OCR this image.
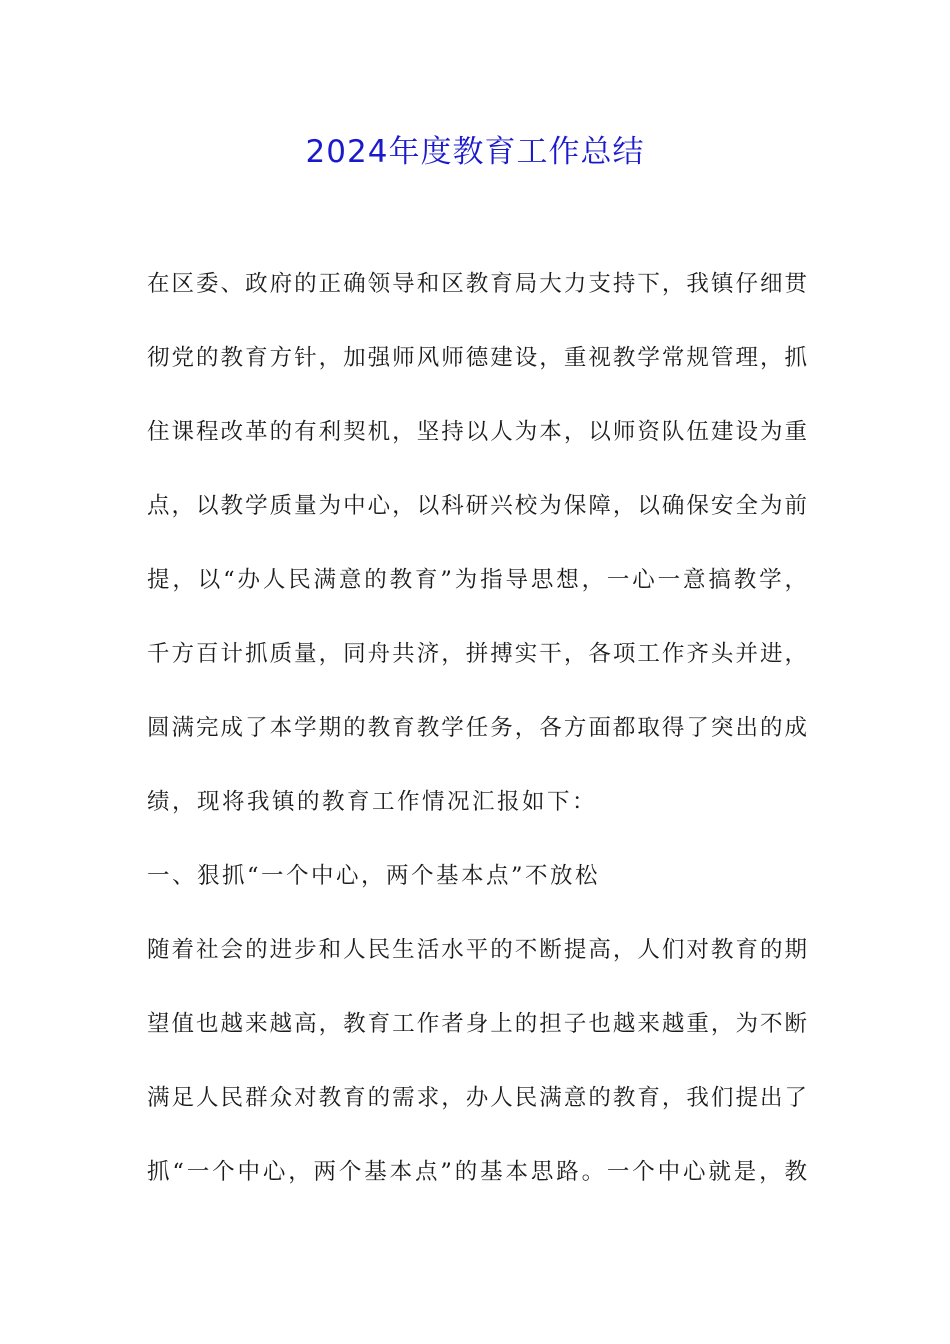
2024年度教育工作总结
在区委、政府的正确领导和区教育局大力支持下，我镇仔细贯
彻党的教育方针，加强师风师德建设，重视教学常规管理，抓
住课程改革的有利契机，坚持以人为本，以师资队伍建设为重
点，以教学质量为中心，以科研兴校为保障，以确保安全为前
提，以“办人民满意的教育”为指导思想，一心一意搞教学，
千方百计抓质量，同舟共济，拼搏实干，各项工作齐头并进，
圆满完成了本学期的教育教学任务，各方面都取得了突出的成
绩，现将我镇的教育工作情况汇报如下：
一、狠抓“一个中心，两个基本点”不放松
随着社会的进步和人民生活水平的不断提高，人们对教育的期
望值也越来越高，教育工作者身上的担子也越来越重，为不断
满足人民群众对教育的需求，办人民满意的教育，我们提出了
抓“一个中心，两个基本点”的基本思路。一个中心就是，教
